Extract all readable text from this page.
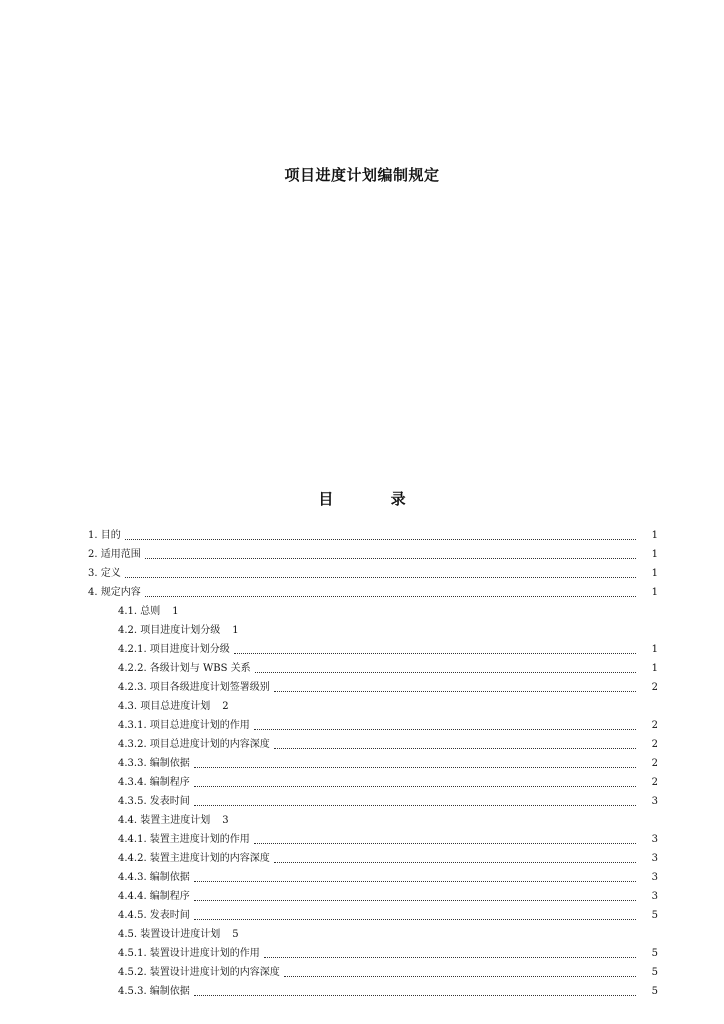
项目进度计划编制规定
目 录
1. 目的	1
2. 适用范围	1
3. 定义	1
4. 规定内容	1
4.1. 总则 1
4.2. 项目进度计划分级 1
4.2.1. 项目进度计划分级	1
4.2.2. 各级计划与 WBS 关系	1
4.2.3. 项目各级进度计划签署级别	2
4.3. 项目总进度计划 2
4.3.1. 项目总进度计划的作用	2
4.3.2. 项目总进度计划的内容深度	2
4.3.3. 编制依据	2
4.3.4. 编制程序	2
4.3.5. 发表时间	3
4.4. 装置主进度计划 3
4.4.1. 装置主进度计划的作用	3
4.4.2. 装置主进度计划的内容深度	3
4.4.3. 编制依据	3
4.4.4. 编制程序	3
4.4.5. 发表时间	5
4.5. 装置设计进度计划 5
4.5.1. 装置设计进度计划的作用	5
4.5.2. 装置设计进度计划的内容深度	5
4.5.3. 编制依据	5
